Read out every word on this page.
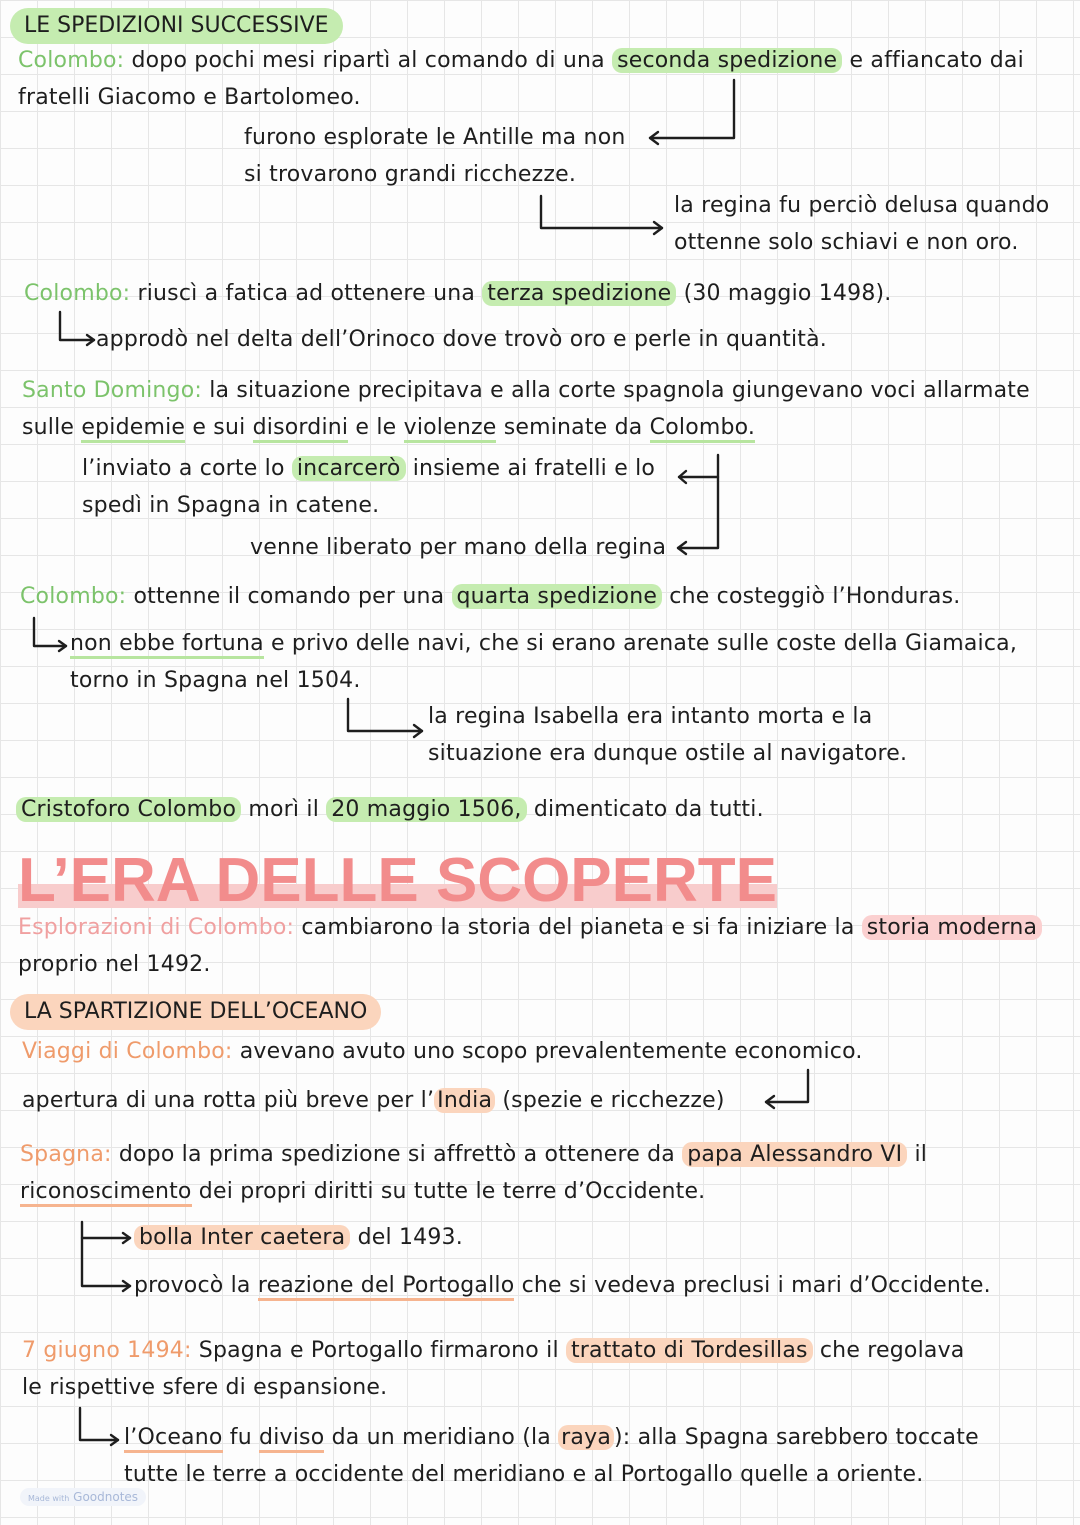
LE SPEDIZIONI SUCCESSIVE
Colombo: dopo pochi mesi ripartì al comando di una seconda spedizione e affiancato dai
fratelli Giacomo e Bartolomeo.
furono esplorate le Antille ma non
si trovarono grandi ricchezze.
la regina fu perciò delusa quando
ottenne solo schiavi e non oro.
Colombo: riuscì a fatica ad ottenere una terza spedizione (30 maggio 1498).
approdò nel delta dell’Orinoco dove trovò oro e perle in quantità.
Santo Domingo: la situazione precipitava e alla corte spagnola giungevano voci allarmate
sulle epidemie e sui disordini e le violenze seminate da Colombo.
l’inviato a corte lo incarcerò insieme ai fratelli e lo
spedì in Spagna in catene.
venne liberato per mano della regina
Colombo: ottenne il comando per una quarta spedizione che costeggiò l’Honduras.
non ebbe fortuna e privo delle navi, che si erano arenate sulle coste della Giamaica,
torno in Spagna nel 1504.
la regina Isabella era intanto morta e la
situazione era dunque ostile al navigatore.
Cristoforo Colombo morì il 20 maggio 1506, dimenticato da tutti.
L’ERA DELLE SCOPERTE
Esplorazioni di Colombo: cambiarono la storia del pianeta e si fa iniziare la storia moderna
proprio nel 1492.
LA SPARTIZIONE DELL’OCEANO
Viaggi di Colombo: avevano avuto uno scopo prevalentemente economico.
apertura di una rotta più breve per l’ India (spezie e ricchezze)
Spagna: dopo la prima spedizione si affrettò a ottenere da papa Alessandro VI il
riconoscimento dei propri diritti su tutte le terre d’Occidente.
bolla Inter caetera del 1493.
provocò la reazione del Portogallo che si vedeva preclusi i mari d’Occidente.
7 giugno 1494: Spagna e Portogallo firmarono il trattato di Tordesillas che regolava
le rispettive sfere di espansione.
l’Oceano fu diviso da un meridiano (la raya ): alla Spagna sarebbero toccate
tutte le terre a occidente del meridiano e al Portogallo quelle a oriente.
Made with Goodnotes
